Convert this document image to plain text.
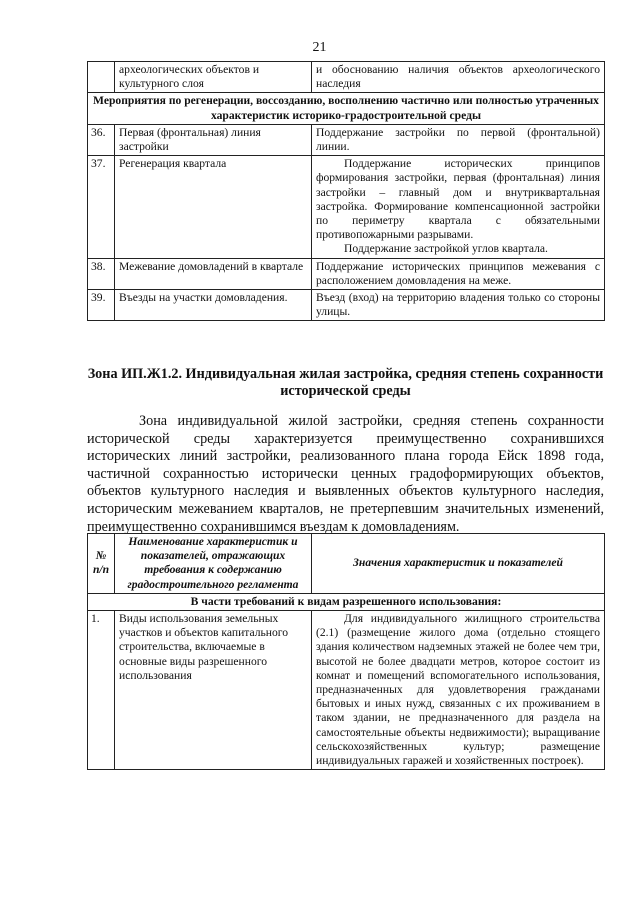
21
	археологических объектов и культурного слоя	и обоснованию наличия объектов археологического наследия
Мероприятия по регенерации, воссозданию, восполнению частично или полностью утраченных характеристик историко-градостроительной среды		
36.	Первая (фронтальная) линия застройки	Поддержание застройки по первой (фронтальной) линии.

37.	Регенерация квартала	Поддержание исторических принципов формирования застройки, первая (фронтальная) линия застройки – главный дом и внутриквартальная застройка. Формирование компенсационной застройки по периметру квартала с обязательными противопожарными разрывами.
Поддержание застройкой углов квартала.

38.	Межевание домовладений в квартале	Поддержание исторических принципов межевания с расположением домовладения на меже.

39.	Въезды на участки домовладения.	Въезд (вход) на территорию владения только со стороны улицы.
Зона ИП.Ж1.2. Индивидуальная жилая застройка, средняя степень сохранности исторической среды
Зона индивидуальной жилой застройки, средняя степень сохранности исторической среды характеризуется преимущественно сохранившихся исторических линий застройки, реализованного плана города Ейск 1898 года, частичной сохранностью исторически ценных градоформирующих объектов, объектов культурного наследия и выявленных объектов культурного наследия, историческим межеванием кварталов, не претерпевшим значительных изменений, преимущественно сохранившимся въездам к домовладениям.
№ п/п	Наименование характеристик и показателей, отражающих требования к содержанию градостроительного регламента	Значения характеристик и показателей
В части требований к видам разрешенного использования:		
1.	Виды использования земельных участков и объектов капитального строительства, включаемые в основные виды разрешенного использования	Для индивидуального жилищного строительства (2.1) (размещение жилого дома (отдельно стоящего здания количеством надземных этажей не более чем три, высотой не более двадцати метров, которое состоит из комнат и помещений вспомогательного использования, предназначенных для удовлетворения гражданами бытовых и иных нужд, связанных с их проживанием в таком здании, не предназначенного для раздела на самостоятельные объекты недвижимости); выращивание сельскохозяйственных культур; размещение индивидуальных гаражей и хозяйственных построек).
